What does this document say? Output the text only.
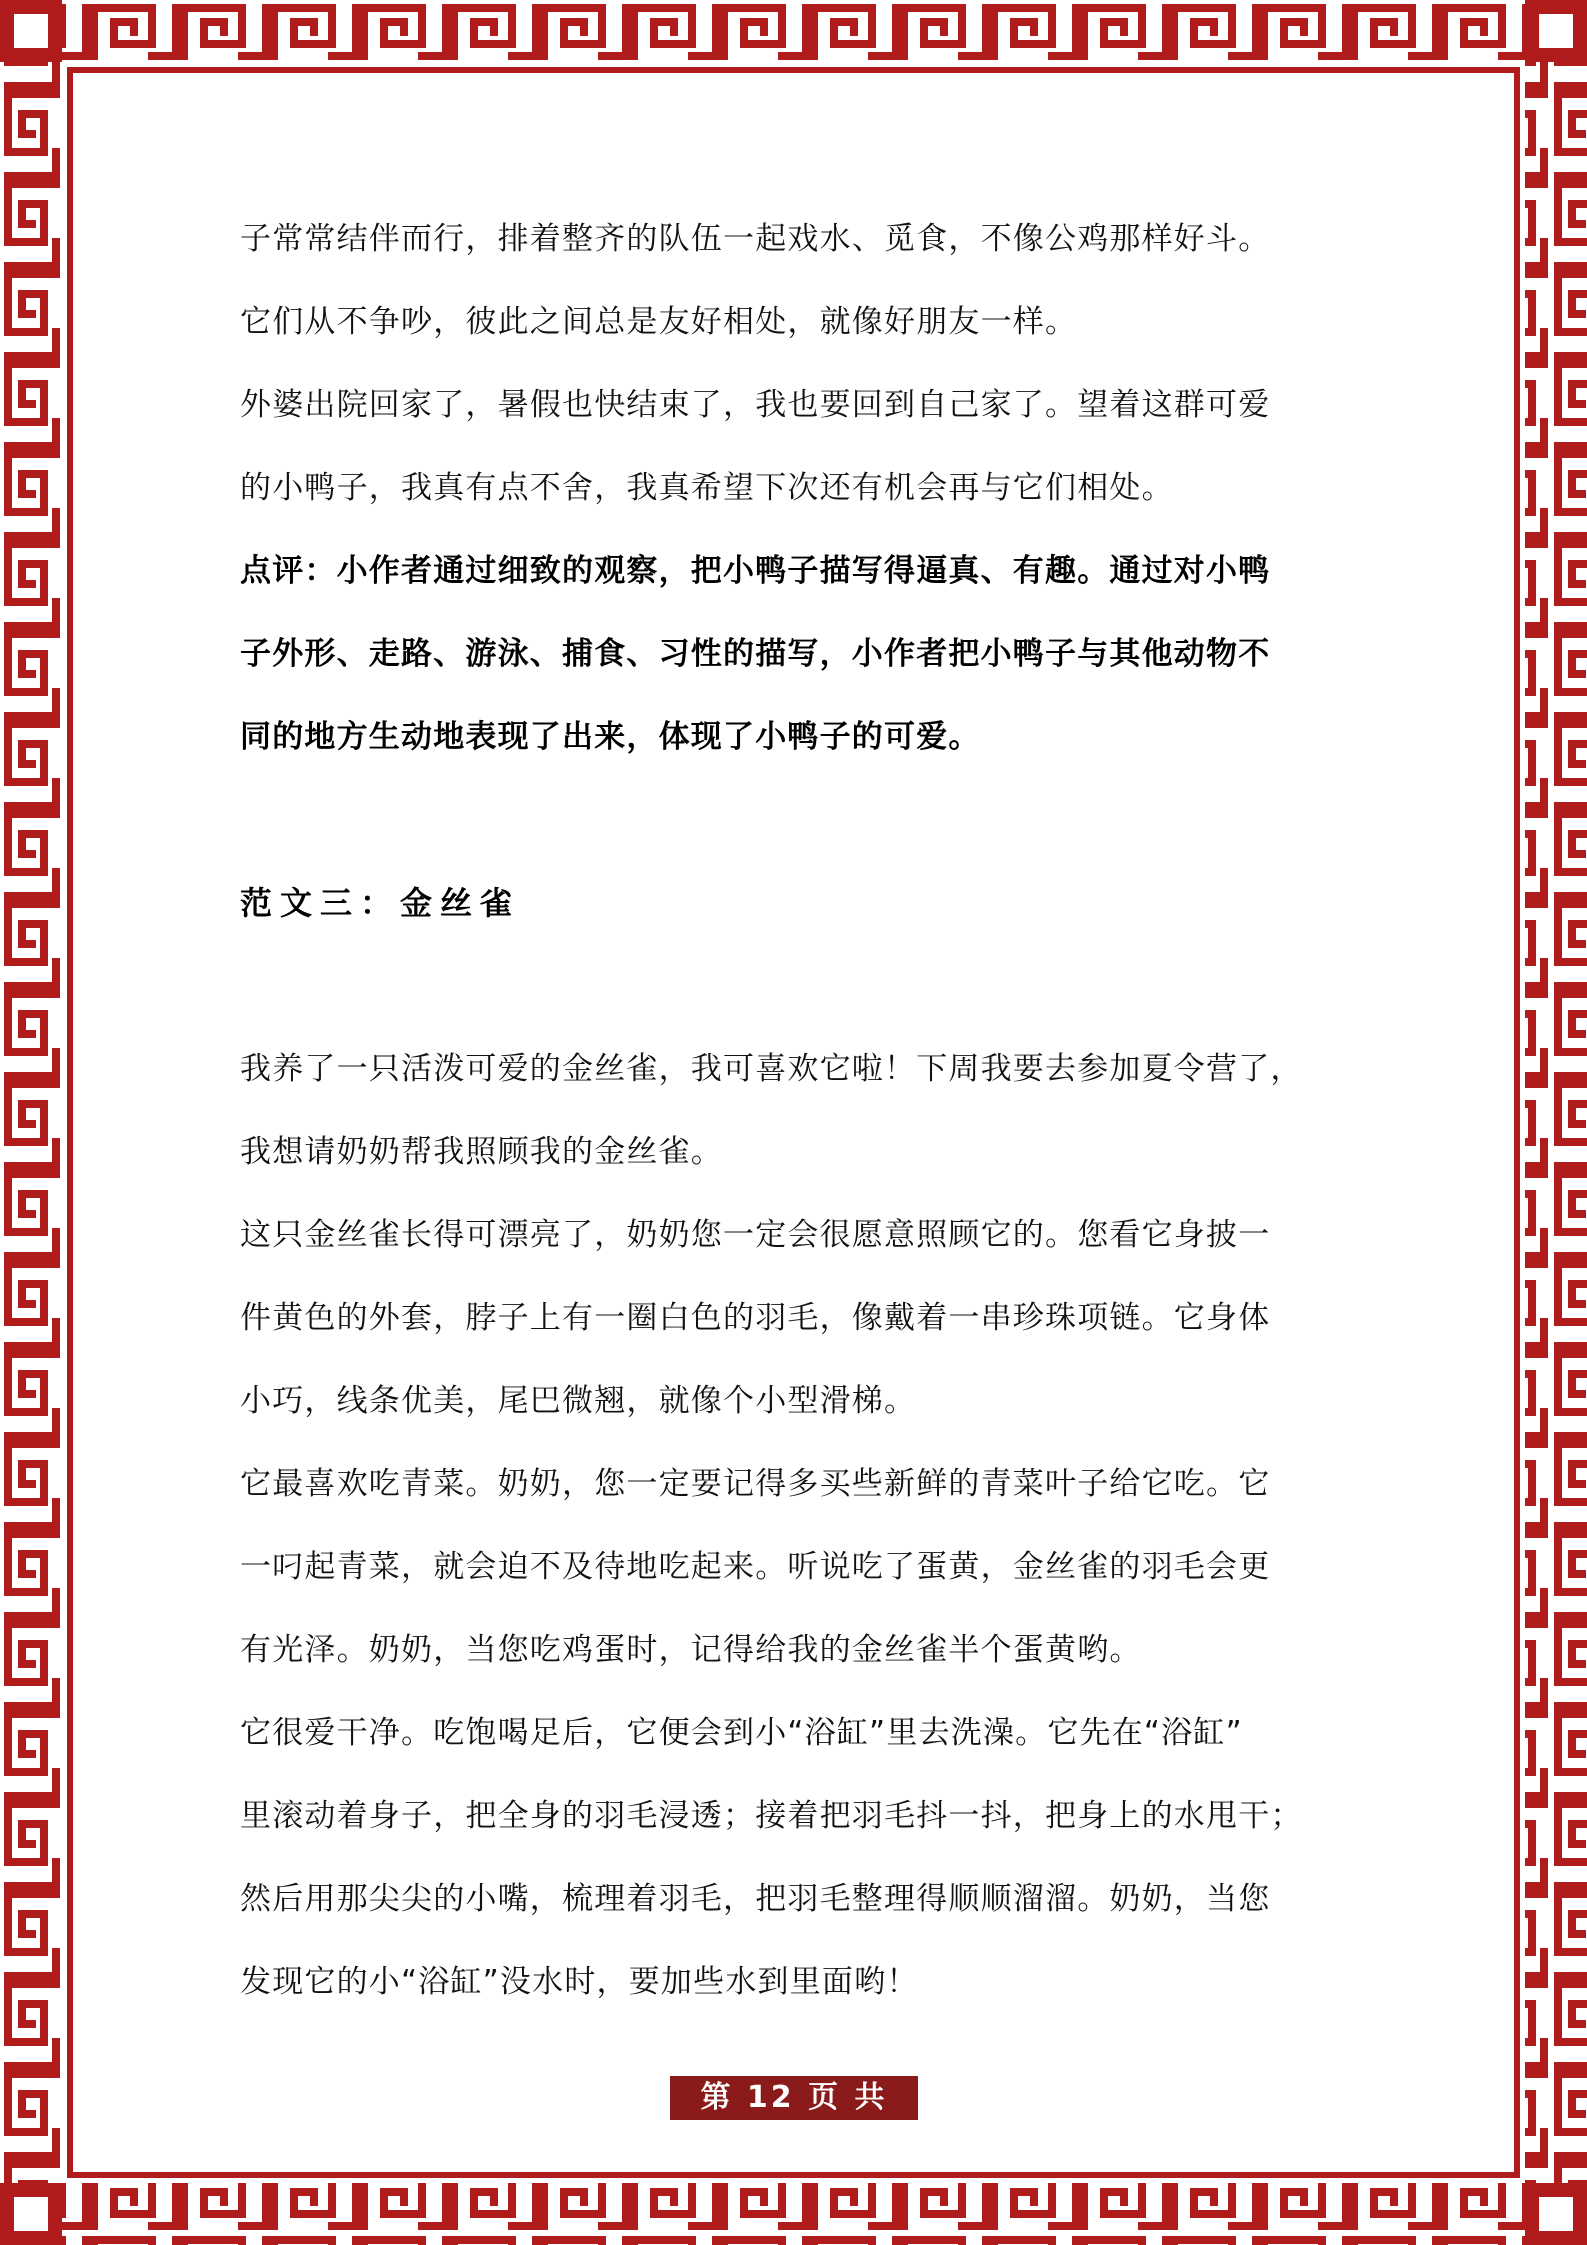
子常常结伴而行，排着整齐的队伍一起戏水、觅食，不像公鸡那样好斗。
它们从不争吵，彼此之间总是友好相处，就像好朋友一样。
外婆出院回家了，暑假也快结束了，我也要回到自己家了。望着这群可爱
的小鸭子，我真有点不舍，我真希望下次还有机会再与它们相处。
点评：小作者通过细致的观察，把小鸭子描写得逼真、有趣。通过对小鸭
子外形、走路、游泳、捕食、习性的描写，小作者把小鸭子与其他动物不
同的地方生动地表现了出来，体现了小鸭子的可爱。
范文三：金丝雀
我养了一只活泼可爱的金丝雀，我可喜欢它啦！下周我要去参加夏令营了，
我想请奶奶帮我照顾我的金丝雀。
这只金丝雀长得可漂亮了，奶奶您一定会很愿意照顾它的。您看它身披一
件黄色的外套，脖子上有一圈白色的羽毛，像戴着一串珍珠项链。它身体
小巧，线条优美，尾巴微翘，就像个小型滑梯。
它最喜欢吃青菜。奶奶，您一定要记得多买些新鲜的青菜叶子给它吃。它
一叼起青菜，就会迫不及待地吃起来。听说吃了蛋黄，金丝雀的羽毛会更
有光泽。奶奶，当您吃鸡蛋时，记得给我的金丝雀半个蛋黄哟。
它很爱干净。吃饱喝足后，它便会到小“浴缸”里去洗澡。它先在“浴缸”
里滚动着身子，把全身的羽毛浸透；接着把羽毛抖一抖，把身上的水甩干；
然后用那尖尖的小嘴，梳理着羽毛，把羽毛整理得顺顺溜溜。奶奶，当您
发现它的小“浴缸”没水时，要加些水到里面哟！
第 12 页 共 27 页
